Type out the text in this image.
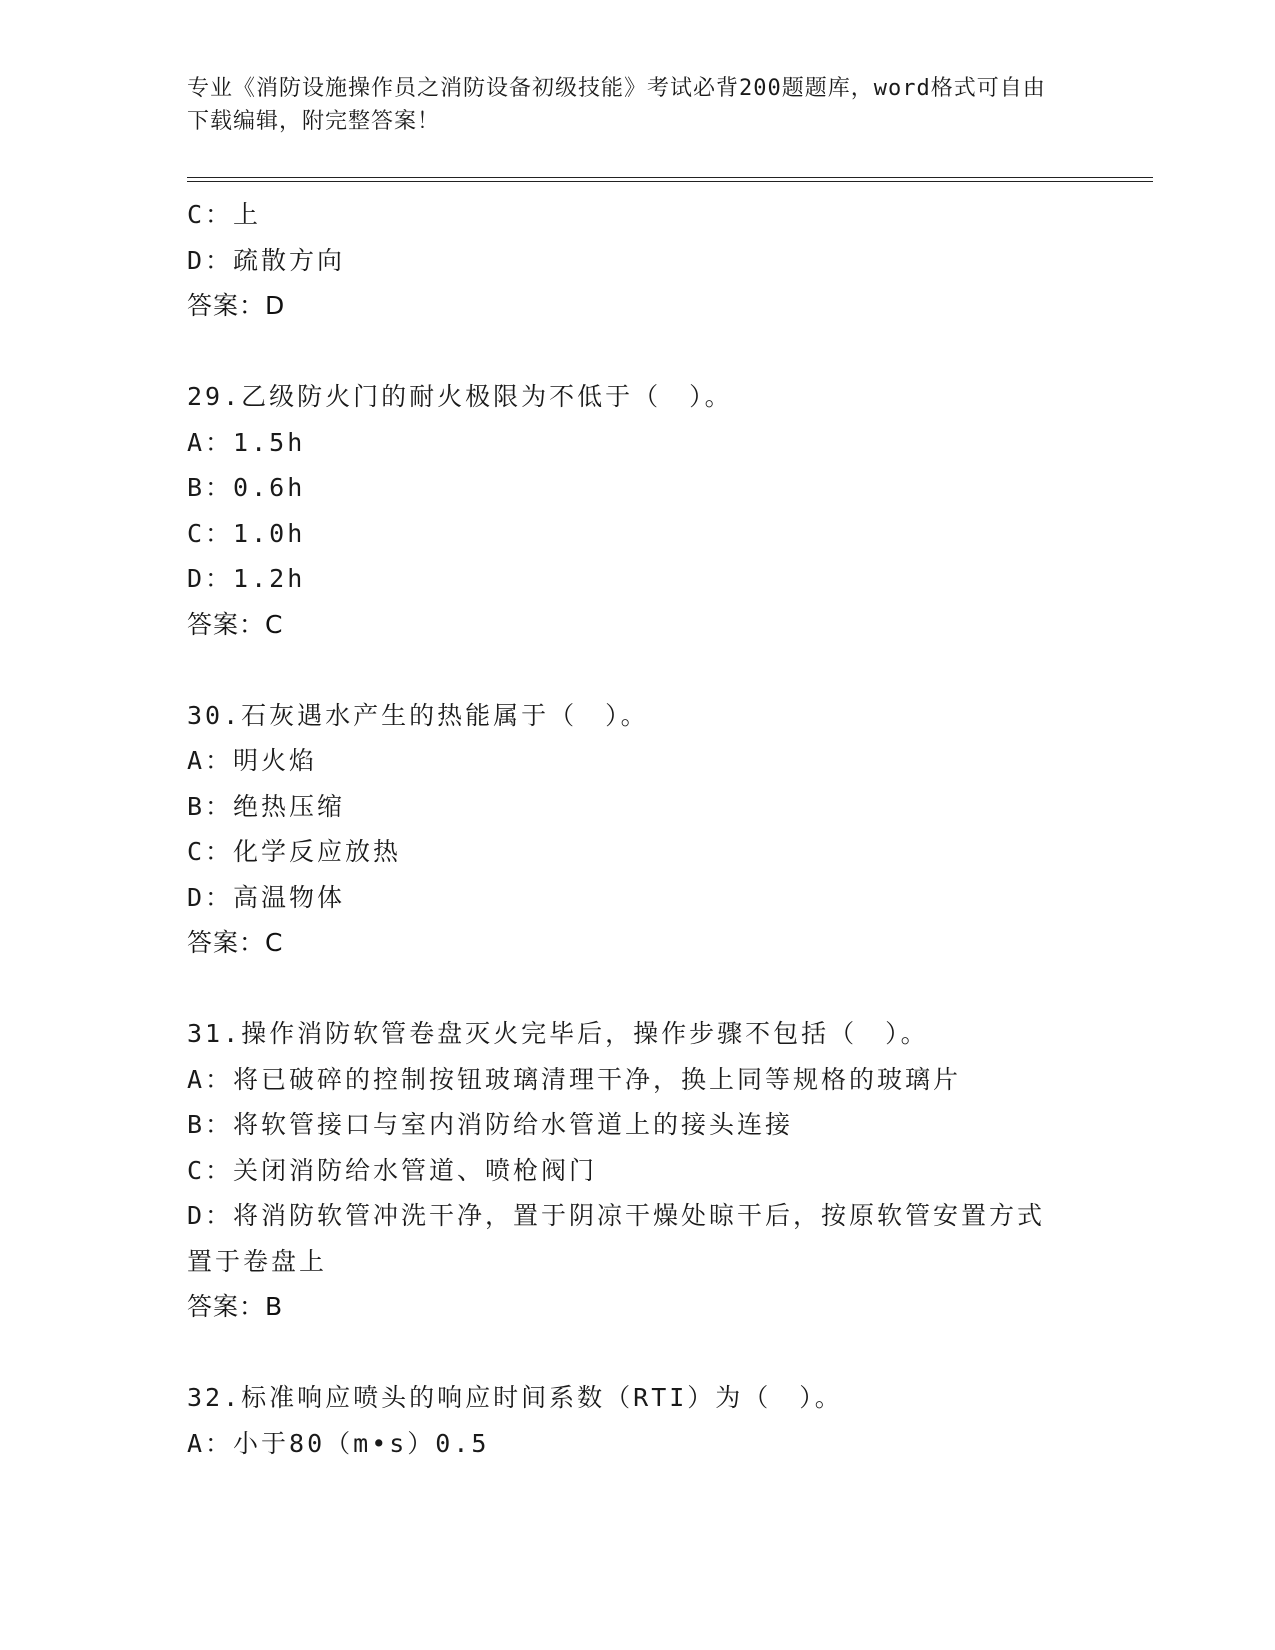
专业《消防设施操作员之消防设备初级技能》考试必背200题题库，word格式可自由下载编辑，附完整答案！
C：上
D：疏散方向
答案：D
29.乙级防火门的耐火极限为不低于（　）。
A：1.5h
B：0.6h
C：1.0h
D：1.2h
答案：C
30.石灰遇水产生的热能属于（　）。
A：明火焰
B：绝热压缩
C：化学反应放热
D：高温物体
答案：C
31.操作消防软管卷盘灭火完毕后，操作步骤不包括（　）。
A：将已破碎的控制按钮玻璃清理干净，换上同等规格的玻璃片
B：将软管接口与室内消防给水管道上的接头连接
C：关闭消防给水管道、喷枪阀门
D：将消防软管冲洗干净，置于阴凉干燥处晾干后，按原软管安置方式置于卷盘上
答案：B
32.标准响应喷头的响应时间系数（RTI）为（　）。
A：小于80（m•s）0.5
